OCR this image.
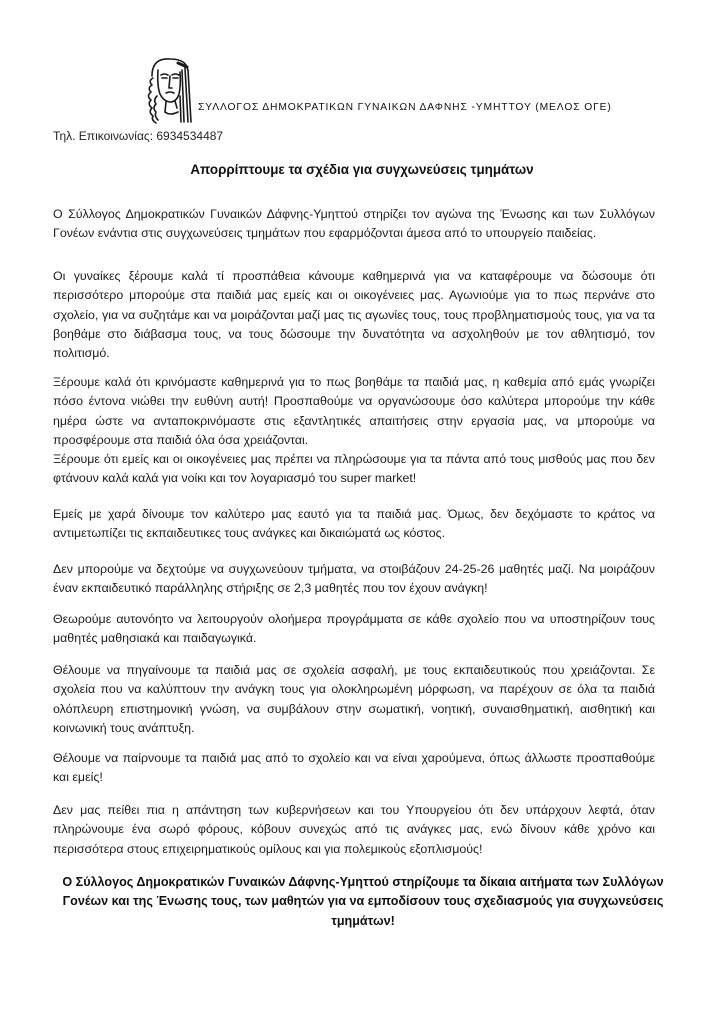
ΣΥΛΛΟΓΟΣ ΔΗΜΟΚΡΑΤΙΚΩΝ ΓΥΝΑΙΚΩΝ ΔΑΦΝΗΣ -ΥΜΗΤΤΟΥ (ΜΕΛΟΣ ΟΓΕ)
Τηλ. Επικοινωνίας: 6934534487
Απορρίπτουμε τα σχέδια για συγχωνεύσεις τμημάτων

Ο Σύλλογος Δημοκρατικών Γυναικών Δάφνης-Υμηττού στηρίζει τον αγώνα της Ένωσης και των Συλλόγων Γονέων ενάντια στις συγχωνεύσεις τμημάτων που εφαρμόζονται άμεσα από το υπουργείο παιδείας.

Οι γυναίκες ξέρουμε καλά τί προσπάθεια κάνουμε καθημερινά για να καταφέρουμε να δώσουμε ότι περισσότερο μπορούμε στα παιδιά μας εμείς και οι οικογένειες μας. Αγωνιούμε για το πως περνάνε στο σχολείο, για να συζητάμε και να μοιράζονται μαζί μας τις αγωνίες τους, τους προβληματισμούς τους, για να τα βοηθάμε στο διάβασμα τους, να τους δώσουμε την δυνατότητα να ασχοληθούν με τον αθλητισμό, τον πολιτισμό.

Ξέρουμε καλά ότι κρινόμαστε καθημερινά για το πως βοηθάμε τα παιδιά μας, η καθεμία από εμάς γνωρίζει πόσο έντονα νιώθει την ευθύνη αυτή! Προσπαθούμε να οργανώσουμε όσο καλύτερα μπορούμε την κάθε ημέρα ώστε να ανταποκρινόμαστε στις εξαντλητικές απαιτήσεις στην εργασία μας, να μπορούμε να προσφέρουμε στα παιδιά όλα όσα χρειάζονται.

Ξέρουμε ότι εμείς και οι οικογένειες μας πρέπει να πληρώσουμε για τα πάντα από τους μισθούς μας που δεν φτάνουν καλά καλά για νοίκι και τον λογαριασμό του super market!

Εμείς με χαρά δίνουμε τον καλύτερο μας εαυτό για τα παιδιά μας. Όμως, δεν δεχόμαστε το κράτος να αντιμετωπίζει τις εκπαιδευτικες τους ανάγκες και δικαιώματά ως κόστος.

Δεν μπορούμε να δεχτούμε να συγχωνεύουν τμήματα, να στοιβάζουν 24-25-26 μαθητές μαζί. Να μοιράζουν έναν εκπαιδευτικό παράλληλης στήριξης σε 2,3 μαθητές που τον έχουν ανάγκη!

Θεωρούμε αυτονόητο να λειτουργούν ολοήμερα προγράμματα σε κάθε σχολείο που να υποστηρίζουν τους μαθητές μαθησιακά και παιδαγωγικά.

Θέλουμε να πηγαίνουμε τα παιδιά μας σε σχολεία ασφαλή, με τους εκπαιδευτικούς που χρειάζονται. Σε σχολεία που να καλύπτουν την ανάγκη τους για ολοκληρωμένη μόρφωση, να παρέχουν σε όλα τα παιδιά ολόπλευρη επιστημονική γνώση, να συμβάλουν στην σωματική, νοητική, συναισθηματική, αισθητική και κοινωνική τους ανάπτυξη.

Θέλουμε να παίρνουμε τα παιδιά μας από το σχολείο και να είναι χαρούμενα, όπως άλλωστε προσπαθούμε και εμείς!

Δεν μας πείθει πια η απάντηση των κυβερνήσεων και του Υπουργείου ότι δεν υπάρχουν λεφτά, όταν πληρώνουμε ένα σωρό φόρους, κόβουν συνεχώς από τις ανάγκες μας, ενώ δίνουν κάθε χρόνο και περισσότερα στους επιχειρηματικούς ομίλους και για πολεμικούς εξοπλισμούς!

Ο Σύλλογος Δημοκρατικών Γυναικών Δάφνης-Υμηττού στηρίζουμε τα δίκαια αιτήματα των Συλλόγων Γονέων και της Ένωσης τους, των μαθητών για να εμποδίσουν τους σχεδιασμούς για συγχωνεύσεις τμημάτων!
